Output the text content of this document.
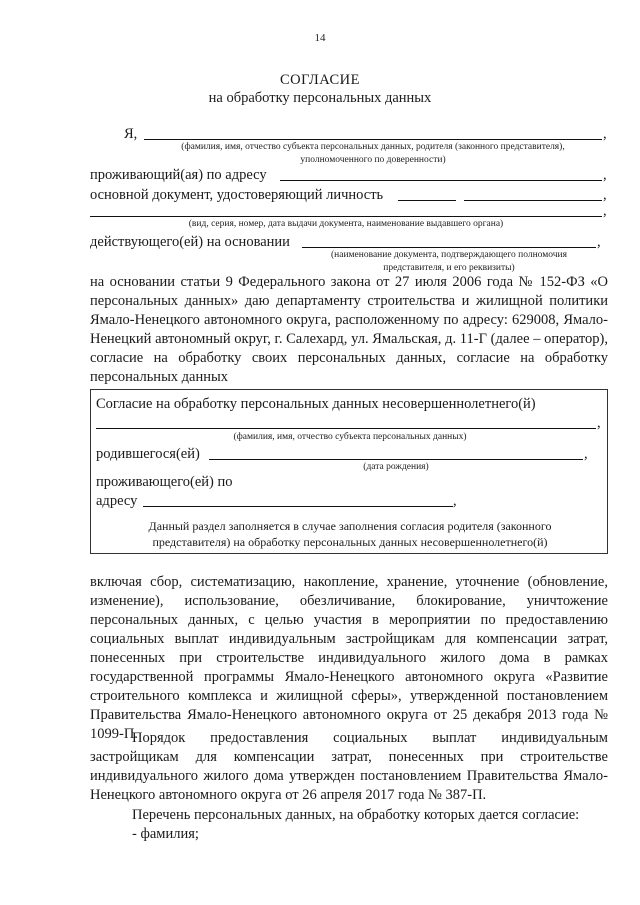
14
СОГЛАСИЕ
на обработку персональных данных
Я,	,
(фамилия, имя, отчество субъекта персональных данных, родителя (законного представителя),
уполномоченного по доверенности)
проживающий(ая) по адресу	,
основной документ, удостоверяющий личность	,
,
(вид, серия, номер, дата выдачи документа, наименование выдавшего органа)
действующего(ей) на основании	,
(наименование документа, подтверждающего полномочия
представителя, и его реквизиты)
на основании статьи 9 Федерального закона от 27 июля 2006 года № 152-ФЗ «О персональных данных» даю департаменту строительства и жилищной политики Ямало-Ненецкого автономного округа, расположенному по адресу: 629008, Ямало-Ненецкий автономный округ, г. Салехард, ул. Ямальская, д. 11-Г (далее – оператор), согласие на обработку своих персональных данных, согласие на обработку персональных данных
Согласие на обработку персональных данных несовершеннолетнего(й)
,
(фамилия, имя, отчество субъекта персональных данных)
родившегося(ей)	,
(дата рождения)
проживающего(ей) по
адресу	,
Данный раздел заполняется в случае заполнения согласия родителя (законного
представителя) на обработку персональных данных несовершеннолетнего(й)
включая сбор, систематизацию, накопление, хранение, уточнение (обновление, изменение), использование, обезличивание, блокирование, уничтожение персональных данных, с целью участия в мероприятии по предоставлению социальных выплат индивидуальным застройщикам для компенсации затрат, понесенных при строительстве индивидуального жилого дома в рамках государственной программы Ямало-Ненецкого автономного округа «Развитие строительного комплекса и жилищной сферы», утвержденной постановлением Правительства Ямало-Ненецкого автономного округа от 25 декабря 2013 года № 1099-П.
Порядок предоставления социальных выплат индивидуальным застройщикам для компенсации затрат, понесенных при строительстве индивидуального жилого дома утвержден постановлением Правительства Ямало-Ненецкого автономного округа от 26 апреля 2017 года № 387-П.
Перечень персональных данных, на обработку которых дается согласие:
- фамилия;
